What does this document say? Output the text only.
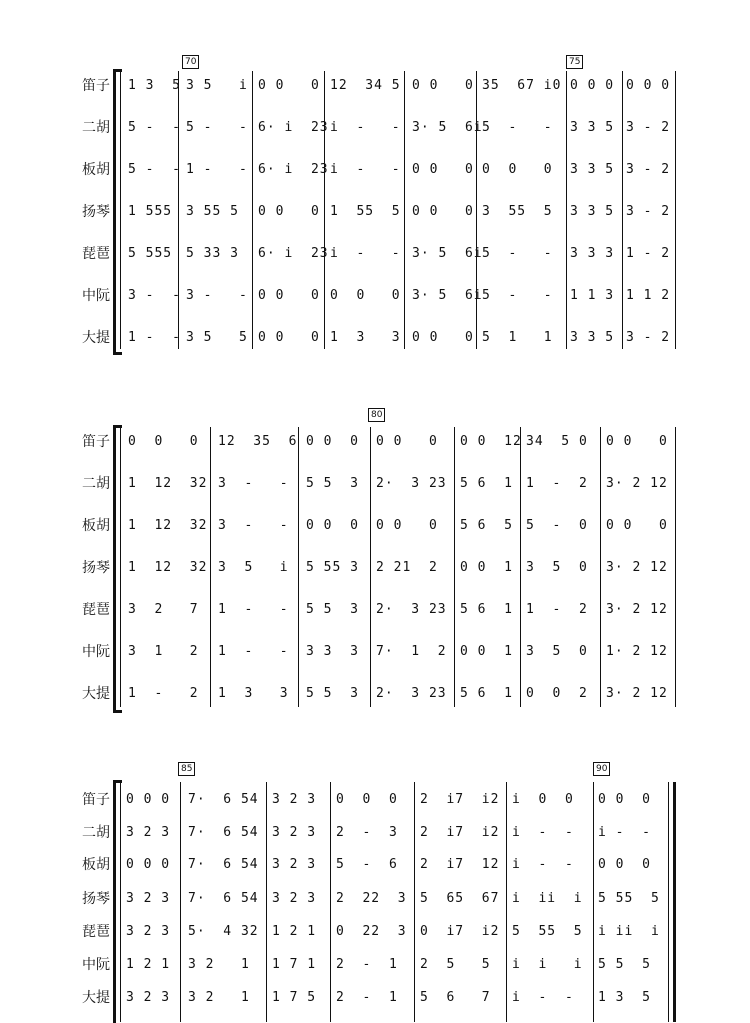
70	75
笛子
二胡
板胡
扬琴
琵琶
中阮
大提
1 3  5 3 5   i 0 0   0 12  34 5 0 0   0 35  67 i0 0 0 0 0 0 0
5 -  - 5 -   - 6· i  23 i  -   - 3· 5  6i 5  -   - 3 3 5 3 - 2
5 -  - 1 -   - 6· i  23 i  -   - 0 0   0 0  0   0 3 3 5 3 - 2
1 555 3 55 5 0 0   0 1  55  5 0 0   0 3  55  5 3 3 5 3 - 2
5 555 5 33 3 6· i  23 i  -   - 3· 5  6i 5  -   - 3 3 3 1 - 2
3 -  - 3 -   - 0 0   0 0  0   0 3· 5  6i 5  -   - 1 1 3 1 1 2
1 -  - 3 5   5 0 0   0 1  3   3 0 0   0 5  1   1 3 3 5 3 - 2
80
笛子
二胡
板胡
扬琴
琵琶
中阮
大提
0  0   0 12  35  6 0 0  0 0 0   0 0 0  12 34  5 0 0 0   0
1  12  32 3  -   - 5 5  3 2·  3 23 5 6  1 1  -  2 3· 2 12
1  12  32 3  -   - 0 0  0 0 0   0 5 6  5 5  -  0 0 0   0
1  12  32 3  5   i 5 55 3 2 21  2 0 0  1 3  5  0 3· 2 12
3  2   7 1  -   - 5 5  3 2·  3 23 5 6  1 1  -  2 3· 2 12
3  1   2 1  -   - 3 3  3 7·  1  2 0 0  1 3  5  0 1· 2 12
1  -   2 1  3   3 5 5  3 2·  3 23 5 6  1 0  0  2 3· 2 12
85	90
笛子
二胡
板胡
扬琴
琵琶
中阮
大提
0 0 0 7·  6 54 3 2 3 0  0  0 2  i7  i2 i  0  0 0 0  0
3 2 3 7·  6 54 3 2 3 2  -  3 2  i7  i2 i  -  - i -  -
0 0 0 7·  6 54 3 2 3 5  -  6 2  i7  12 i  -  - 0 0  0
3 2 3 7·  6 54 3 2 3 2  22  3 5  65  67 i  ii  i 5 55  5
3 2 3 5·  4 32 1 2 1 0  22  3 0  i7  i2 5  55  5 i ii  i
1 2 1 3 2   1 1 7 1 2  -  1 2  5   5 i  i   i 5 5  5
3 2 3 3 2   1 1 7 5 2  -  1 5  6   7 i  -  - 1 3  5
